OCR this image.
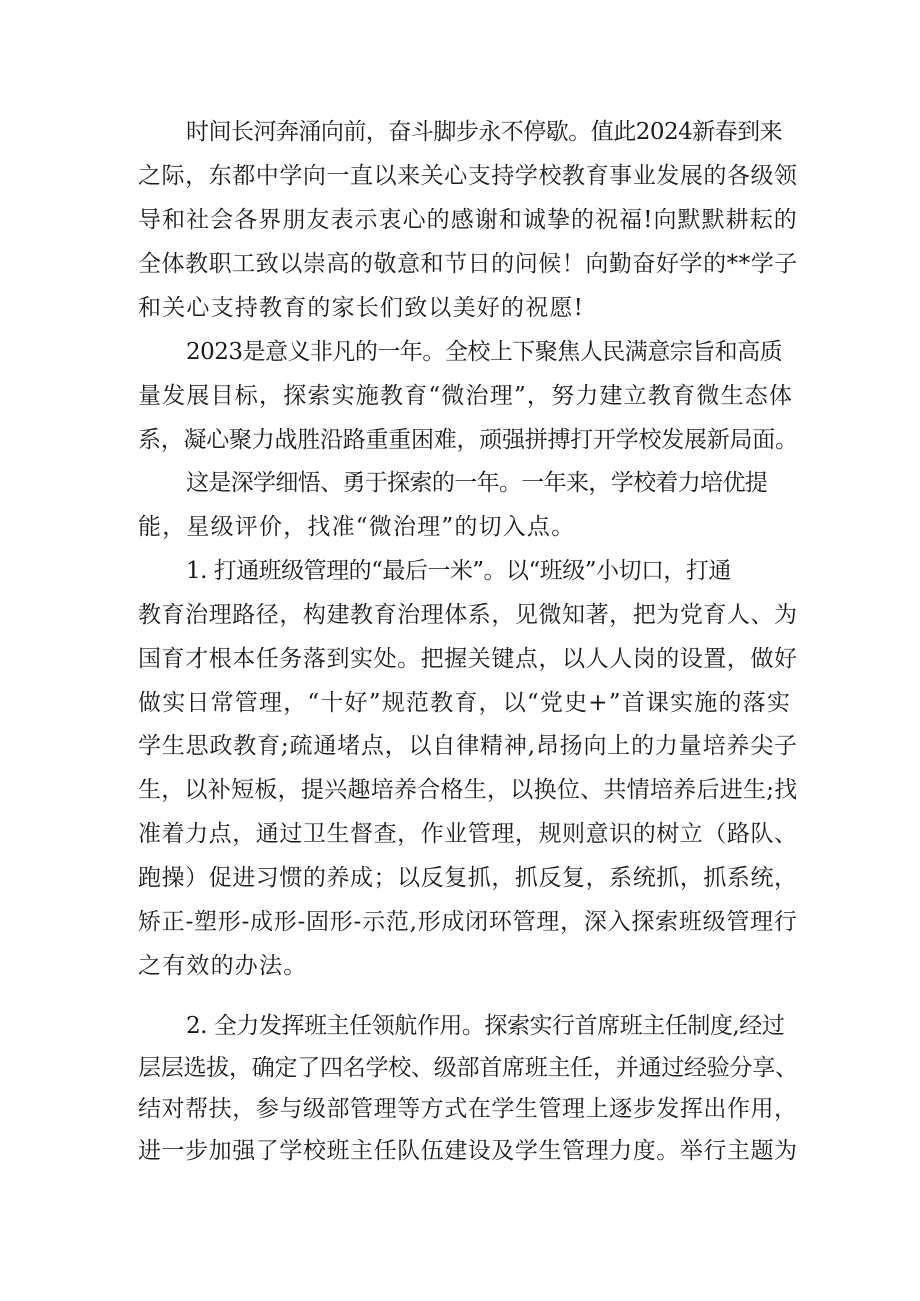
时间长河奔涌向前，奋斗脚步永不停歇。值此2024新春到来
之际，东都中学向一直以来关心支持学校教育事业发展的各级领
导和社会各界朋友表示衷心的感谢和诚挚的祝福!向默默耕耘的
全体教职工致以崇高的敬意和节日的问候！向勤奋好学的**学子
和关心支持教育的家长们致以美好的祝愿!
2023是意义非凡的一年。全校上下聚焦人民满意宗旨和高质
量发展目标，探索实施教育“微治理”，努力建立教育微生态体
系，凝心聚力战胜沿路重重困难，顽强拼搏打开学校发展新局面。
这是深学细悟、勇于探索的一年。一年来，学校着力培优提
能，星级评价，找准“微治理”的切入点。
1. 打通班级管理的“最后一米”。以“班级”小切口，打通
教育治理路径，构建教育治理体系，见微知著，把为党育人、为
国育才根本任务落到实处。把握关键点，以人人岗的设置，做好
做实日常管理，“十好”规范教育，以“党史+”首课实施的落实
学生思政教育;疏通堵点，以自律精神,昂扬向上的力量培养尖子
生，以补短板，提兴趣培养合格生，以换位、共情培养后进生;找
准着力点，通过卫生督查，作业管理，规则意识的树立（路队、
跑操）促进习惯的养成；以反复抓，抓反复，系统抓，抓系统，
矫正-塑形-成形-固形-示范,形成闭环管理，深入探索班级管理行
之有效的办法。
2. 全力发挥班主任领航作用。探索实行首席班主任制度,经过
层层选拔，确定了四名学校、级部首席班主任，并通过经验分享、
结对帮扶，参与级部管理等方式在学生管理上逐步发挥出作用，
进一步加强了学校班主任队伍建设及学生管理力度。举行主题为
